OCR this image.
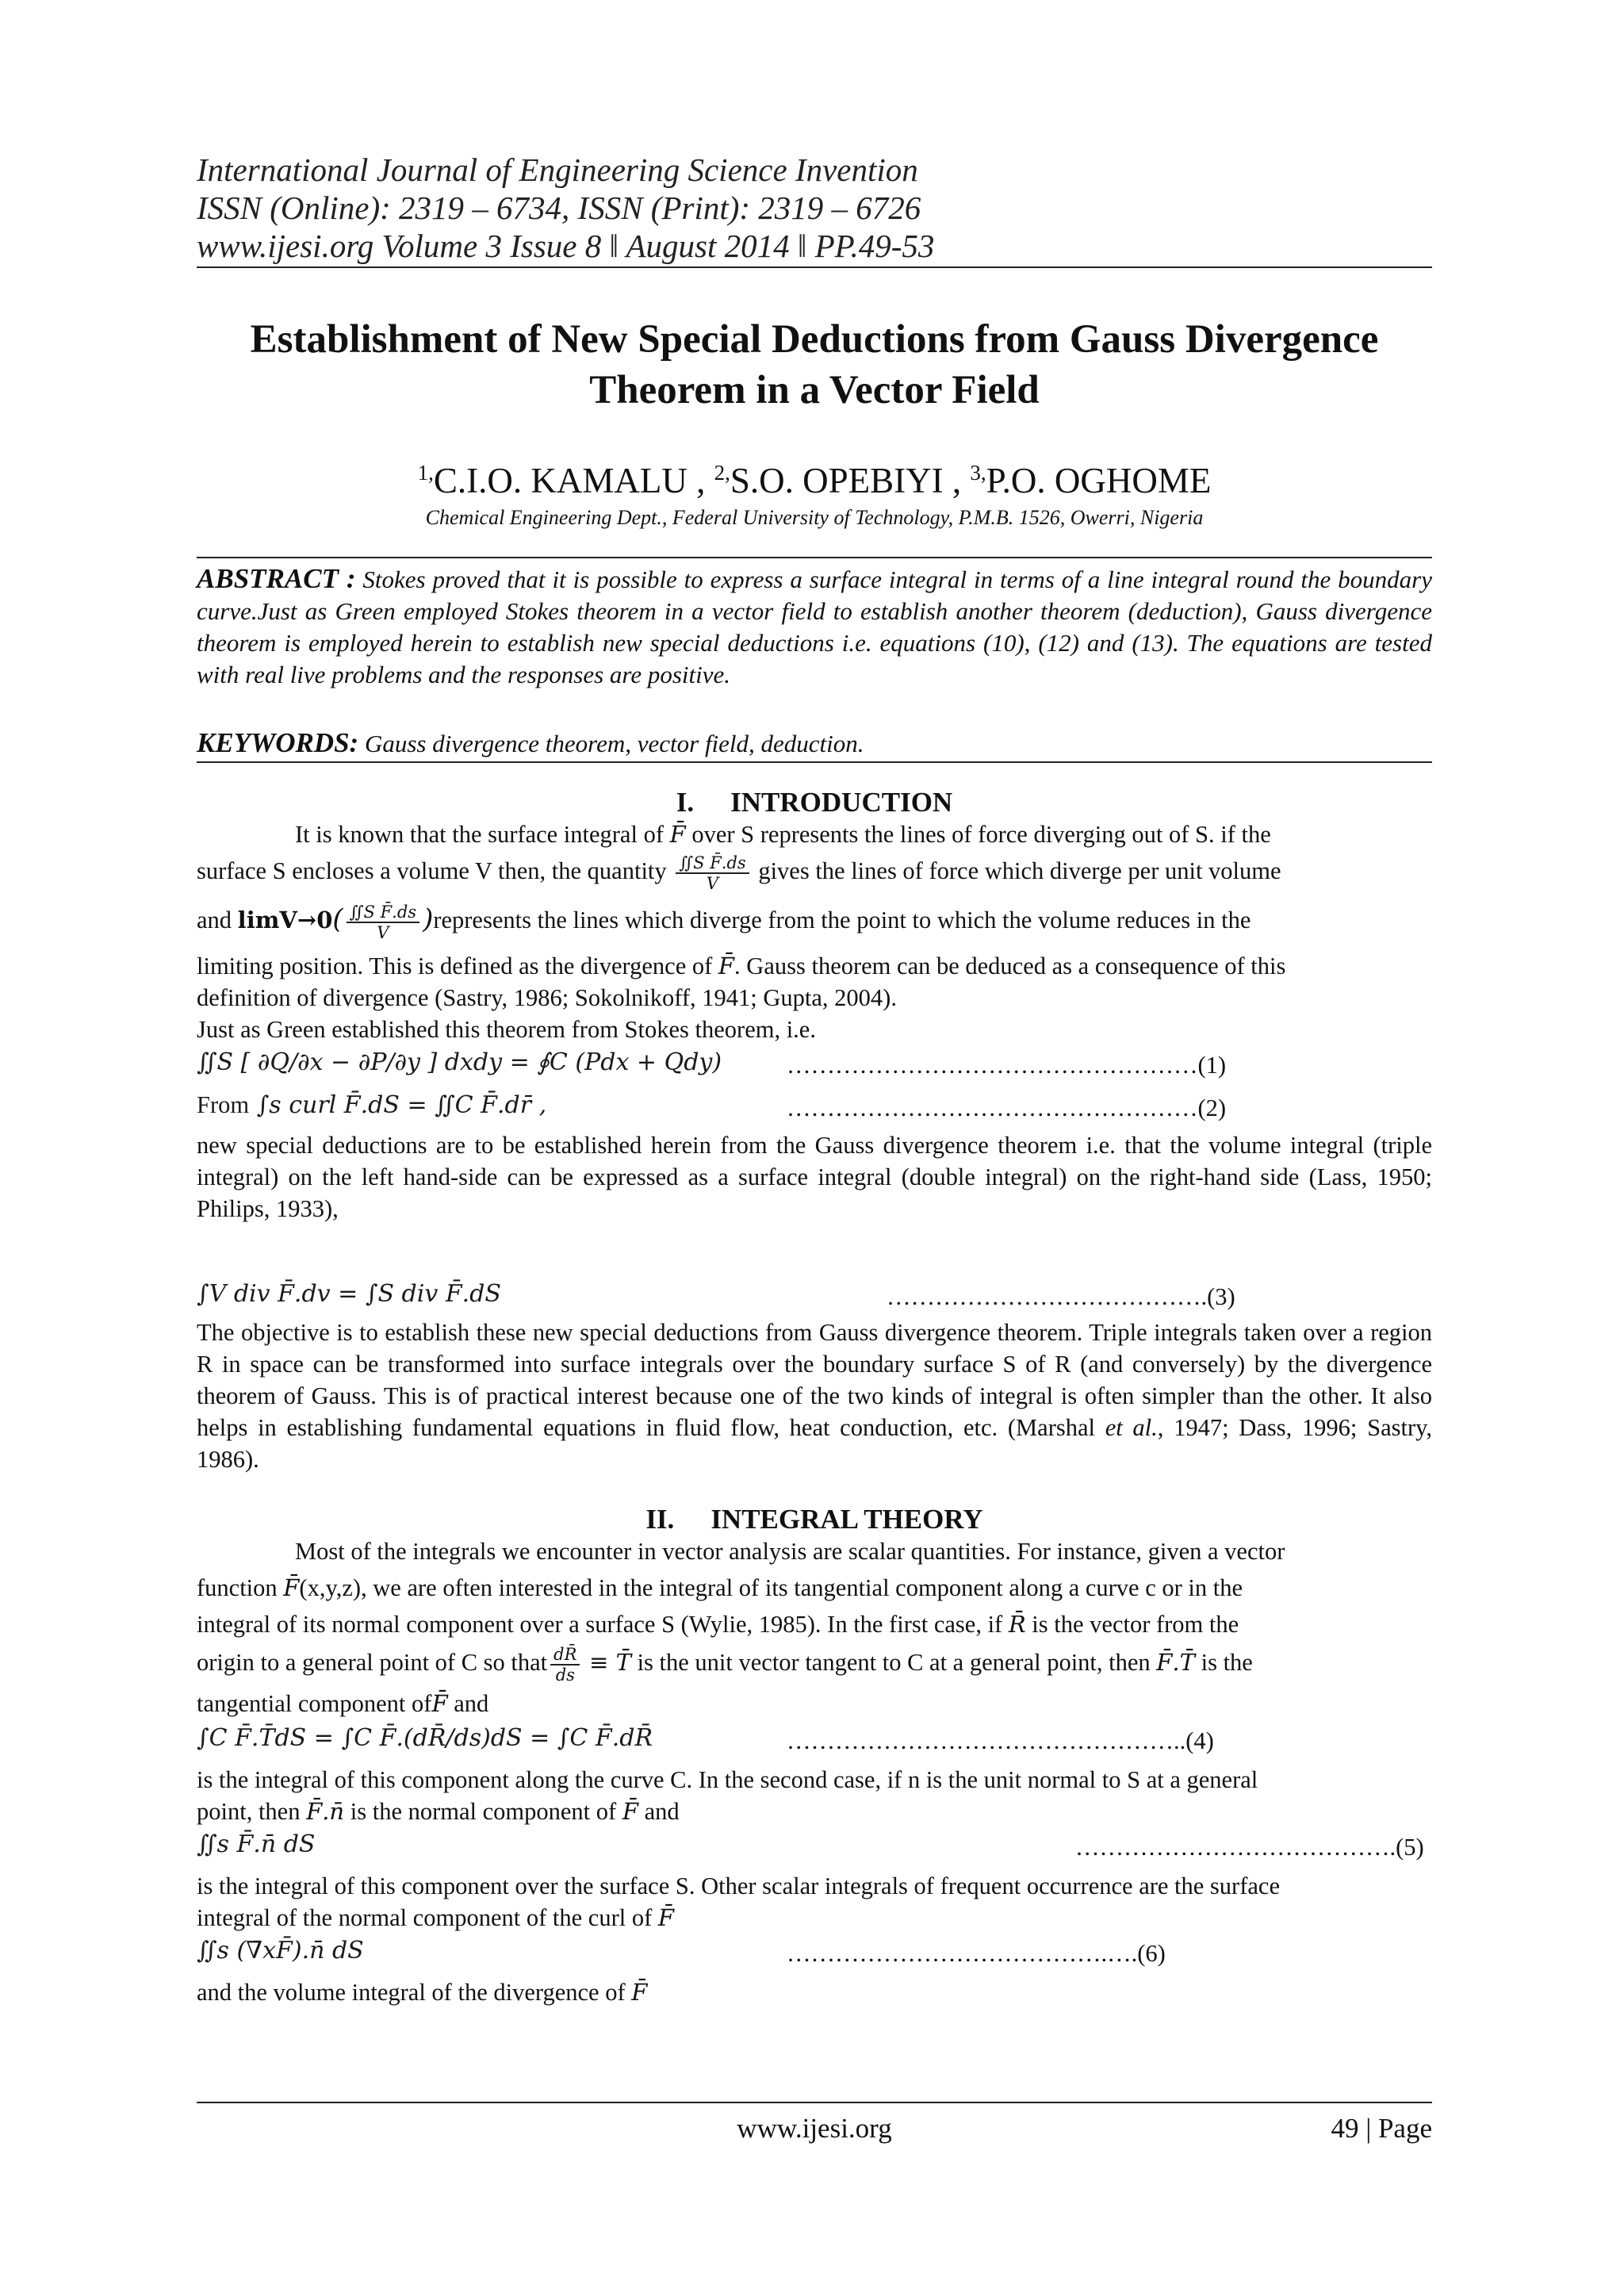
International Journal of Engineering Science Invention
ISSN (Online): 2319 – 6734, ISSN (Print): 2319 – 6726
www.ijesi.org Volume 3 Issue 8 ǁ August 2014 ǁ PP.49-53
Establishment of New Special Deductions from Gauss Divergence
Theorem in a Vector Field
$^{1,}$C.I.O. KAMALU , $^{2,}$S.O. OPEBIYI , $^{3,}$P.O. OGHOME
Chemical Engineering Dept., Federal University of Technology, P.M.B. 1526, Owerri, Nigeria
ABSTRACT : Stokes proved that it is possible to express a surface integral in terms of a line integral round the boundary curve.Just as Green employed Stokes theorem in a vector field to establish another theorem (deduction), Gauss divergence theorem is employed herein to establish new special deductions i.e. equations (10), (12) and (13). The equations are tested with real live problems and the responses are positive.
KEYWORDS: Gauss divergence theorem, vector field, deduction.
I. INTRODUCTION
It is known that the surface integral of F̄ over S represents the lines of force diverging out of S. if the
surface S encloses a volume V then, the quantity $\frac{\text{∬S F̄.ds}}{V}$ gives the lines of force which diverge per unit volume
and $\lim V\to 0( \frac{\text{∬S F̄.ds}}{V}$ )represents the lines which diverge from the point to which the volume reduces in the
limiting position. This is defined as the divergence of F̄. Gauss theorem can be deduced as a consequence of this
definition of divergence (Sastry, 1986; Sokolnikoff, 1941; Gupta, 2004).
Just as Green established this theorem from Stokes theorem, i.e.
∬S [ ∂Q/∂x − ∂P/∂y ] dxdy = ∮C (Pdx + Qdy)	……………………………………………(1)
From ∫s curl F̄.dS = ∬C F̄.dr̄ ,	……………………………………………(2)
new special deductions are to be established herein from the Gauss divergence theorem i.e. that the volume integral (triple integral) on the left hand-side can be expressed as a surface integral (double integral) on the right-hand side (Lass, 1950; Philips, 1933),
∫V div F̄.dv = ∫S div F̄.dS	………………………………….(3)
The objective is to establish these new special deductions from Gauss divergence theorem. Triple integrals taken over a region R in space can be transformed into surface integrals over the boundary surface S of R (and conversely) by the divergence theorem of Gauss. This is of practical interest because one of the two kinds of integral is often simpler than the other. It also helps in establishing fundamental equations in fluid flow, heat conduction, etc. (Marshal et al., 1947; Dass, 1996; Sastry, 1986).
II. INTEGRAL THEORY
Most of the integrals we encounter in vector analysis are scalar quantities. For instance, given a vector
function F̄(x,y,z), we are often interested in the integral of its tangential component along a curve c or in the
integral of its normal component over a surface S (Wylie, 1985). In the first case, if R̄ is the vector from the
origin to a general point of C so that $\frac{dR̄}{ds}$ ≡ T̄ is the unit vector tangent to C at a general point, then F̄.T̄ is the
tangential component ofF̄ and
∫C F̄.T̄dS = ∫C F̄.(dR̄/ds)dS = ∫C F̄.dR̄	…………………………………………..(4)
is the integral of this component along the curve C. In the second case, if n is the unit normal to S at a general
point, then F̄.n̄ is the normal component of F̄ and
∬s F̄.n̄ dS	………………………………….(5)
is the integral of this component over the surface S. Other scalar integrals of frequent occurrence are the surface
integral of the normal component of the curl of F̄
∬s (∇̄xF̄).n̄ dS	………………………………….….(6)
and the volume integral of the divergence of F̄
www.ijesi.org	49 | Page
